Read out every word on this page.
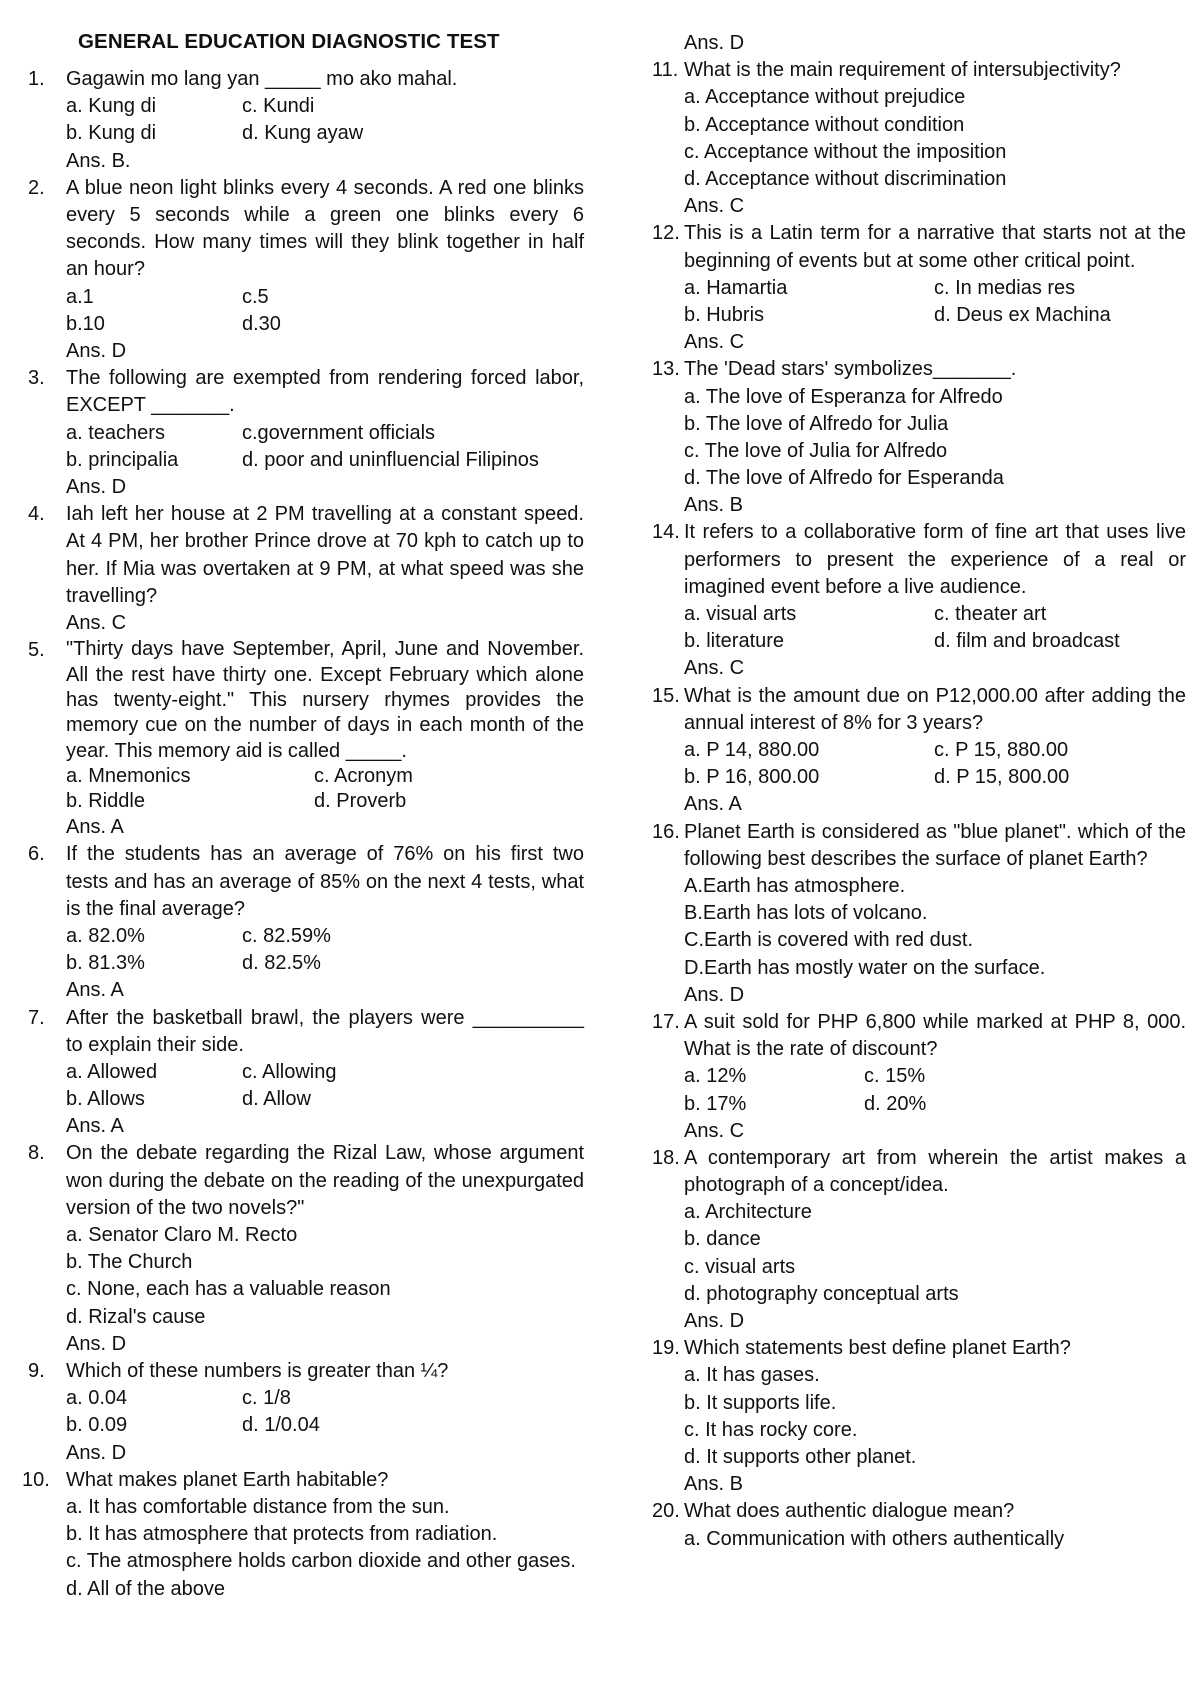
GENERAL EDUCATION DIAGNOSTIC TEST
1.	Gagawin mo lang yan _____ mo ako mahal.
a. Kung di	c. Kundi
b. Kung di	d. Kung ayaw
Ans. B.
2.	A blue neon light blinks every 4 seconds. A red one blinks every 5 seconds while a green one blinks every 6 seconds. How many times will they blink together in half an hour?
a.1	c.5
b.10	d.30
Ans. D
3.	The following are exempted from rendering forced labor, EXCEPT _______.
a. teachers	c.government officials
b. principalia	d. poor and uninfluencial Filipinos
Ans. D
4.	Iah left her house at 2 PM travelling at a constant speed. At 4 PM, her brother Prince drove at 70 kph to catch up to her. If Mia was overtaken at 9 PM, at what speed was she travelling?
Ans. C
5.	"Thirty days have September, April, June and November. All the rest have thirty one. Except February which alone has twenty-eight." This nursery rhymes provides the memory cue on the number of days in each month of the year. This memory aid is called _____.
a. Mnemonics	c. Acronym
b. Riddle	d. Proverb
Ans. A
6.	If the students has an average of 76% on his first two tests and has an average of 85% on the next 4 tests, what is the final average?
a. 82.0%	c. 82.59%
b. 81.3%	d. 82.5%
Ans. A
7.	After the basketball brawl, the players were __________ to explain their side.
a. Allowed	c. Allowing
b. Allows	d. Allow
Ans. A
8.	On the debate regarding the Rizal Law, whose argument won during the debate on the reading of the unexpurgated version of the two novels?"
a. Senator Claro M. Recto
b. The Church
c. None, each has a valuable reason
d. Rizal's cause
Ans. D
9.	Which of these numbers is greater than ¼?
a. 0.04	c. 1/8
b. 0.09	d. 1/0.04
Ans. D
10. What makes planet Earth habitable?
a. It has comfortable distance from the sun.
b. It has atmosphere that protects from radiation.
c. The atmosphere holds carbon dioxide and other gases.
d. All of the above
Ans. D
11. What is the main requirement of intersubjectivity?
a. Acceptance without prejudice
b. Acceptance without condition
c. Acceptance without the imposition
d. Acceptance without discrimination
Ans. C
12. This is a Latin term for a narrative that starts not at the beginning of events but at some other critical point.
a. Hamartia	c. In medias res
b. Hubris	d. Deus ex Machina
Ans. C
13. The 'Dead stars' symbolizes_______.
a. The love of Esperanza for Alfredo
b. The love of Alfredo for Julia
c. The love of Julia for Alfredo
d. The love of Alfredo for Esperanda
Ans. B
14. It refers to a collaborative form of fine art that uses live performers to present the experience of a real or imagined event before a live audience.
a. visual arts	c. theater art
b. literature	d. film and broadcast
Ans. C
15. What is the amount due on P12,000.00 after adding the annual interest of 8% for 3 years?
a. P 14, 880.00	c. P 15, 880.00
b. P 16, 800.00	d. P 15, 800.00
Ans. A
16. Planet Earth is considered as "blue planet". which of the following best describes the surface of planet Earth?
A.Earth has atmosphere.
B.Earth has lots of volcano.
C.Earth is covered with red dust.
D.Earth has mostly water on the surface.
Ans. D
17. A suit sold for PHP 6,800 while marked at PHP 8, 000. What is the rate of discount?
a. 12%	c. 15%
b. 17%	d. 20%
Ans. C
18. A contemporary art from wherein the artist makes a photograph of a concept/idea.
a. Architecture
b. dance
c. visual arts
d. photography conceptual arts
Ans. D
19. Which statements best define planet Earth?
a. It has gases.
b. It supports life.
c. It has rocky core.
d. It supports other planet.
Ans. B
20. What does authentic dialogue mean?
a. Communication with others authentically
